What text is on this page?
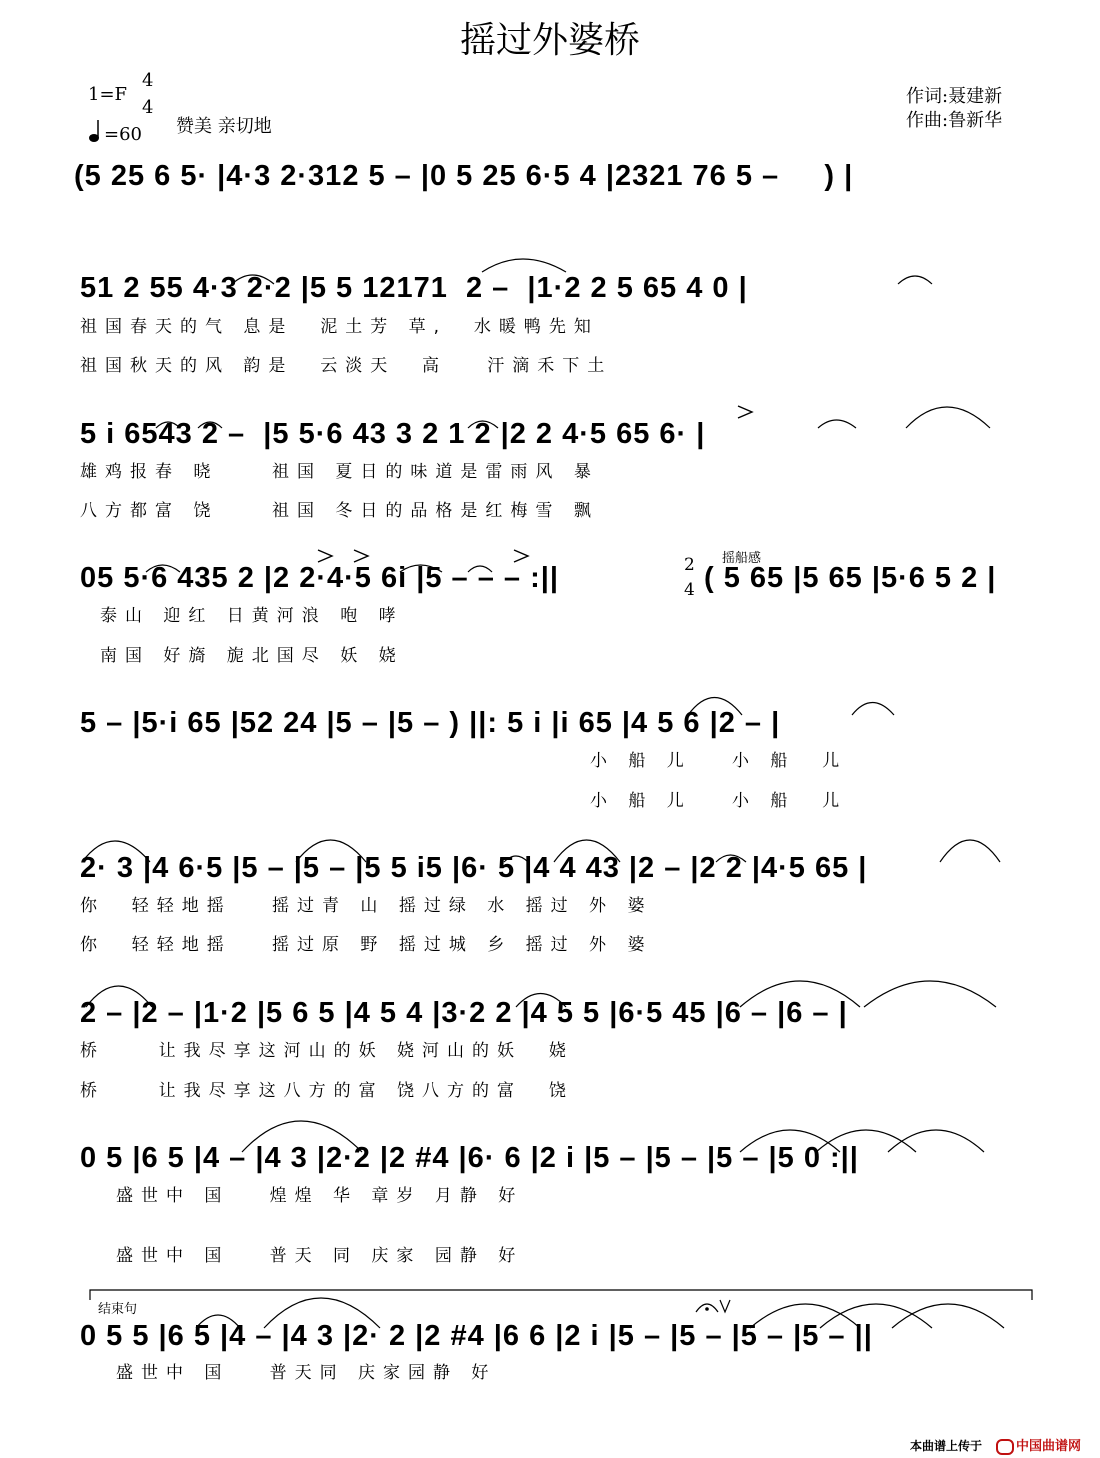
摇过外婆桥
1=F
4
4
=60 赞美 亲切地
作词:聂建新
作曲:鲁新华
(5 25 6 5· |4·3 2·312 5 – |0 5 25 6·5 4 |2321 76 5 –     ) |
51 2 55 4·3 2·2 |5 5 12171  2 –  |1·2 2 5 65 4 0 |
祖国春天的气 息是  泥土芳 草,  水暖鸭先知
祖国秋天的风 韵是  云淡天  高   汗滴禾下土
5 i 6543 2 –  |5 5·6 43 3 2 1 2 |2 2 4·5 65 6· |
雄鸡报春 晓    祖国 夏日的味道是雷雨风 暴
八方都富 饶    祖国 冬日的品格是红梅雪 飘
05 5·6 435 2 |2 2·4·5 6i |5 – – – :||	2
4 ( 5 65 |5 65 |5·6 5 2 |
摇船感
泰山 迎红 日黄河浪 咆 哮
南国 好旖 旎北国尽 妖 娆
5 – |5·i 65 |52 24 |5 – |5 – ) ||: 5 i |i 65 |4 5 6 |2 – |
小 船 儿   小 船  儿
小 船 儿   小 船  儿
2· 3 |4 6·5 |5 – |5 – |5 5 i5 |6· 5 |4 4 43 |2 – |2 2 |4·5 65 |
你  轻轻地摇   摇过青 山 摇过绿 水 摇过 外 婆
你  轻轻地摇   摇过原 野 摇过城 乡 摇过 外 婆
2 – |2 – |1·2 |5 6 5 |4 5 4 |3·2 2 |4 5 5 |6·5 45 |6 – |6 – |
桥    让我尽享这河山的妖 娆河山的妖  娆
桥    让我尽享这八方的富 饶八方的富  饶
0 5 |6 5 |4 – |4 3 |2·2 |2 #4 |6· 6 |2 i |5 – |5 – |5 – |5 0 :||
盛世中 国   煌煌 华 章岁 月静 好
盛世中 国   普天 同 庆家 园静 好
结束句
0 5 5 |6 5 |4 – |4 3 |2· 2 |2 #4 |6 6 |2 i |5 – |5 – |5 – |5 – ||
盛世中 国   普天同 庆家园静 好
本曲谱上传于	中国曲谱网
